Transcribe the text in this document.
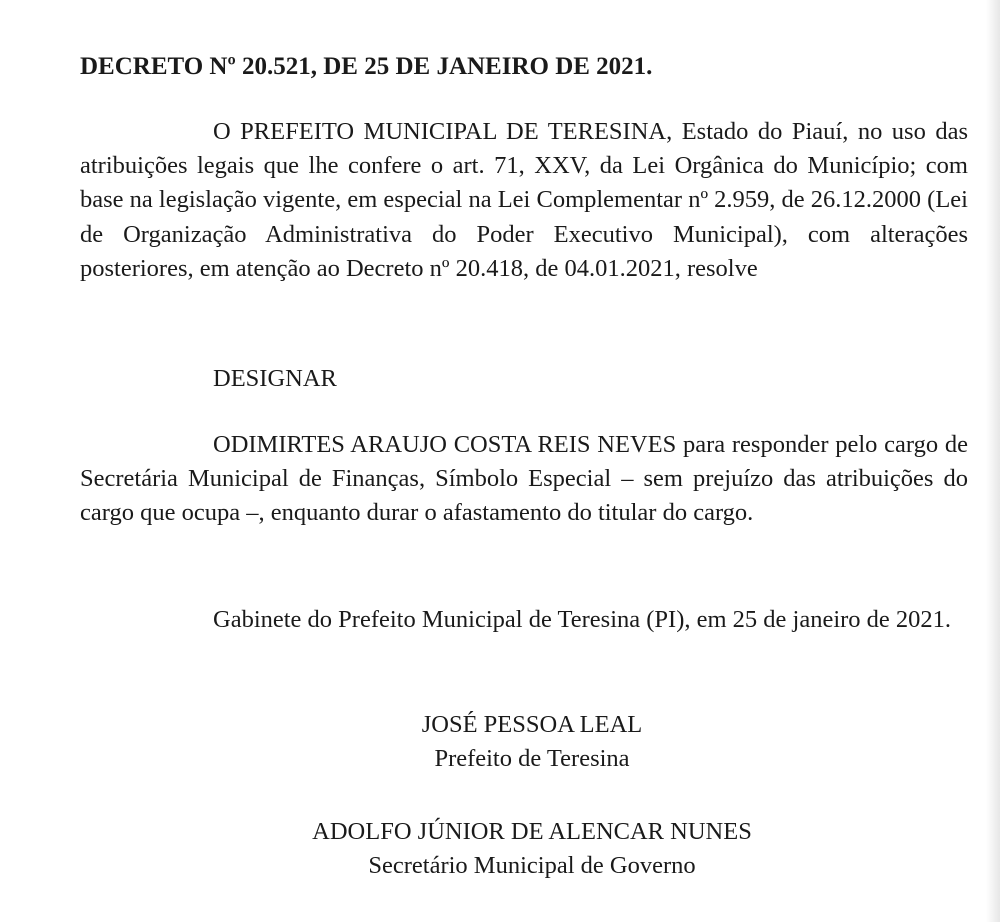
DECRETO Nº 20.521, DE 25 DE JANEIRO DE 2021.

O PREFEITO MUNICIPAL DE TERESINA, Estado do Piauí, no uso das atribuições legais que lhe confere o art. 71, XXV, da Lei Orgânica do Município; com base na legislação vigente, em especial na Lei Complementar nº 2.959, de 26.12.2000 (Lei de Organização Administrativa do Poder Executivo Municipal), com alterações posteriores, em atenção ao Decreto nº 20.418, de 04.01.2021, resolve

DESIGNAR

ODIMIRTES ARAUJO COSTA REIS NEVES para responder pelo cargo de Secretária Municipal de Finanças, Símbolo Especial – sem prejuízo das atribuições do cargo que ocupa –, enquanto durar o afastamento do titular do cargo.

Gabinete do Prefeito Municipal de Teresina (PI), em 25 de janeiro de 2021.

JOSÉ PESSOA LEAL
Prefeito de Teresina
ADOLFO JÚNIOR DE ALENCAR NUNES
Secretário Municipal de Governo
